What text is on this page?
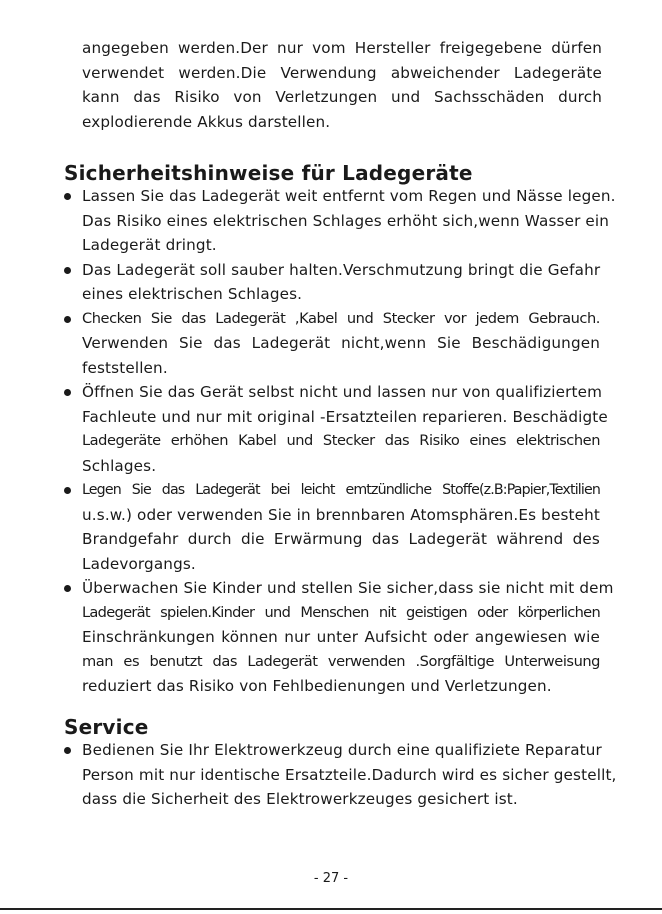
angegeben werden.Der nur vom Hersteller freigegebene dürfen
verwendet werden.Die Verwendung abweichender Ladegeräte
kann das Risiko von Verletzungen und Sachsschäden durch
explodierende Akkus darstellen.
Sicherheitshinweise für Ladegeräte
Lassen Sie das Ladegerät weit entfernt vom Regen und Nässe legen.
Das Risiko eines elektrischen Schlages erhöht sich,wenn Wasser ein
Ladegerät dringt.
Das Ladegerät soll sauber halten.Verschmutzung bringt die Gefahr
eines elektrischen Schlages.
Checken Sie das Ladegerät ,Kabel und Stecker vor jedem Gebrauch.
Verwenden Sie das Ladegerät nicht,wenn Sie Beschädigungen
feststellen.
Öffnen Sie das Gerät selbst nicht und lassen nur von qualifiziertem
Fachleute und nur mit original -Ersatzteilen reparieren. Beschädigte
Ladegeräte erhöhen Kabel und Stecker das Risiko eines elektrischen
Schlages.
Legen Sie das Ladegerät bei leicht emtzündliche Stoffe(z.B:Papier,Textilien
u.s.w.) oder verwenden Sie in brennbaren Atomsphären.Es besteht
Brandgefahr durch die Erwärmung das Ladegerät während des
Ladevorgangs.
Überwachen Sie Kinder und stellen Sie sicher,dass sie nicht mit dem
Ladegerät spielen.Kinder und Menschen nit geistigen oder körperlichen
Einschränkungen können nur unter Aufsicht oder angewiesen wie
man es benutzt das Ladegerät verwenden .Sorgfältige Unterweisung
reduziert das Risiko von Fehlbedienungen und Verletzungen.
Service
Bedienen Sie Ihr Elektrowerkzeug durch eine qualifiziete Reparatur
Person mit nur identische Ersatzteile.Dadurch wird es sicher gestellt,
dass die Sicherheit des Elektrowerkzeuges gesichert ist.
- 27 -
